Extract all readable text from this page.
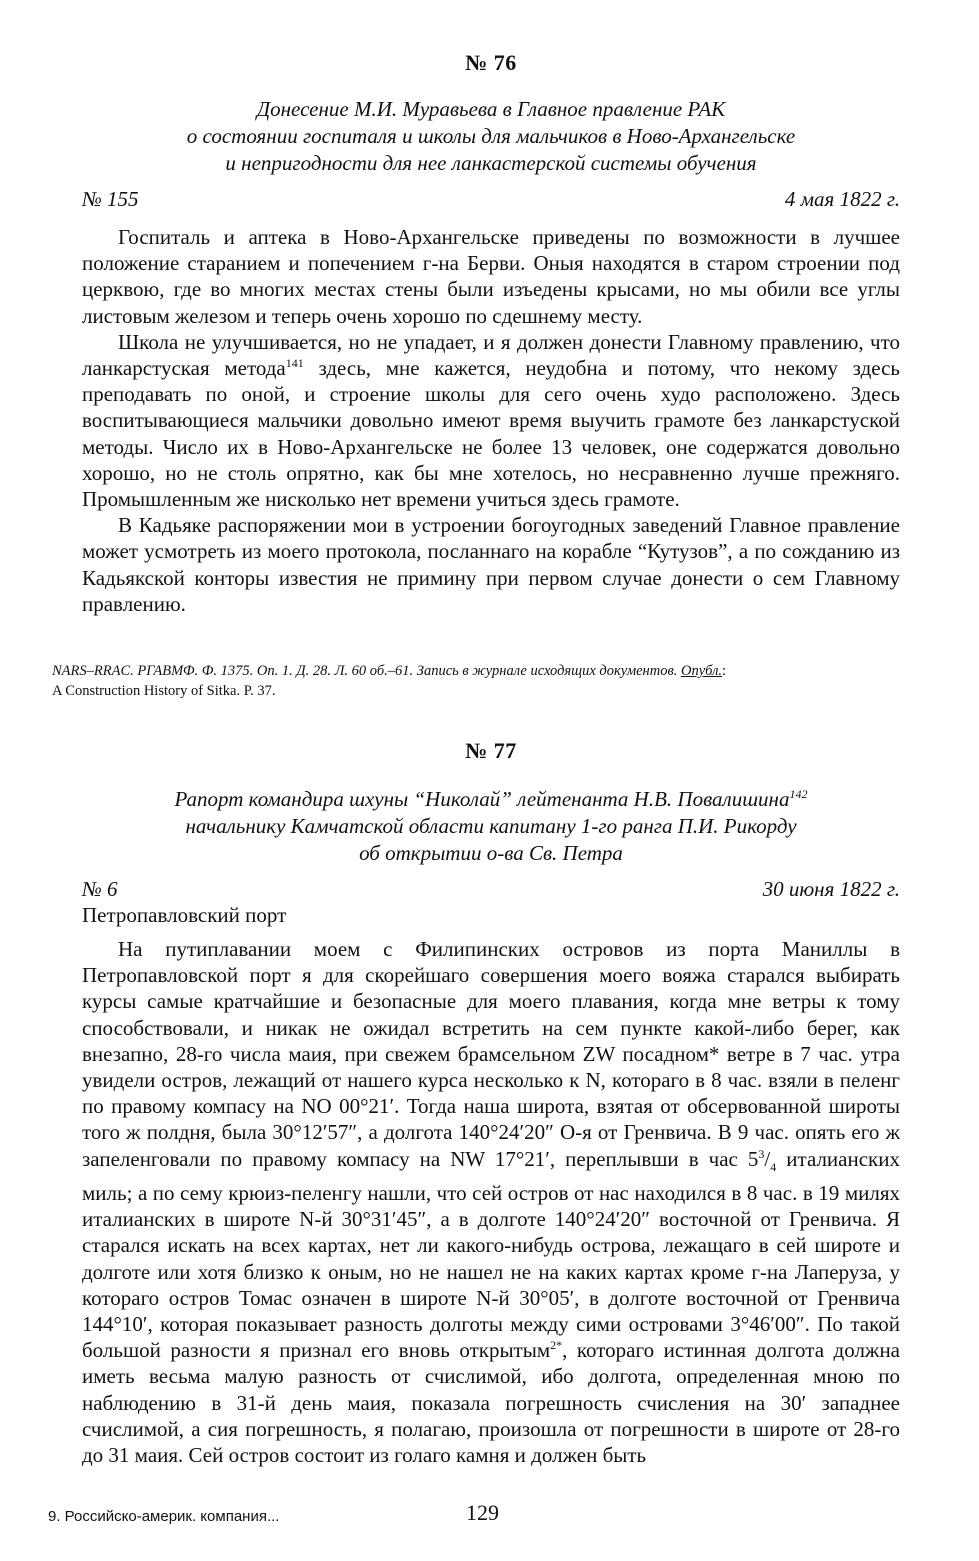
№ 76
Донесение М.И. Муравьева в Главное правление РАК
о состоянии госпиталя и школы для мальчиков в Ново-Архангельске
и непригодности для нее ланкастерской системы обучения
№ 155	4 мая 1822 г.

Госпиталь и аптека в Ново-Архангельске приведены по возможности в лучшее положение старанием и попечением г-на Берви. Оныя находятся в старом строении под церквою, где во многих местах стены были изъедены крысами, но мы обили все углы листовым железом и теперь очень хорошо по сдешнему месту.

Школа не улучшивается, но не упадает, и я должен донести Главному правлению, что ланкарстуская метода$^{141}$ здесь, мне кажется, неудобна и потому, что некому здесь преподавать по оной, и строение школы для сего очень худо расположено. Здесь воспитывающиеся мальчики довольно имеют время выучить грамоте без ланкарстуской методы. Число их в Ново-Архангельске не более 13 человек, оне содержатся довольно хорошо, но не столь опрятно, как бы мне хотелось, но несравненно лучше прежняго. Промышленным же нисколько нет времени учиться здесь грамоте.

В Кадьяке распоряжении мои в устроении богоугодных заведений Главное правление может усмотреть из моего протокола, посланнаго на корабле “Кутузов”, а по сожданию из Кадьякской конторы известия не примину при первом случае донести о сем Главному правлению.

NARS–RRAC. РГАВМФ. Ф. 1375. Оп. 1. Д. 28. Л. 60 об.–61. Запись в журнале исходящих документов. Опубл.:
A Construction History of Sitka. P. 37.
№ 77
Рапорт командира шхуны “Николай” лейтенанта Н.В. Повалишина$^{142}$
начальнику Камчатской области капитану 1-го ранга П.И. Рикорду
об открытии о-ва Св. Петра
№ 6	30 июня 1822 г.
Петропавловский порт

На путиплавании моем с Филипинских островов из порта Маниллы в Петропавловской порт я для скорейшаго совершения моего вояжа старался выбирать курсы самые кратчайшие и безопасные для моего плавания, когда мне ветры к тому способствовали, и никак не ожидал встретить на сем пункте какой-либо берег, как внезапно, 28-го числа маия, при свежем брамсельном ZW посадном* ветре в 7 час. утра увидели остров, лежащий от нашего курса несколько к N, котораго в 8 час. взяли в пеленг по правому компасу на NO 00°21′. Тогда наша широта, взятая от обсервованной широты того ж полдня, была 30°12′57″, а долгота 140°24′20″ О-я от Гренвича. В 9 час. опять его ж запеленговали по правому компасу на NW 17°21′, переплывши в час $5^3/_4$ италианских миль; а по сему крюиз-пеленгу нашли, что сей остров от нас находился в 8 час. в 19 милях италианских в широте N-й 30°31′45″, а в долготе 140°24′20″ восточной от Гренвича. Я старался искать на всех картах, нет ли какого-нибудь острова, лежащаго в сей широте и долготе или хотя близко к оным, но не нашел не на каких картах кроме г-на Лаперуза, у котораго остров Томас означен в широте N-й 30°05′, в долготе восточной от Гренвича 144°10′, которая показывает разность долготы между сими островами 3°46′00″. По такой большой разности я признал его вновь открытым$^{2*}$, котораго истинная долгота должна иметь весьма малую разность от счислимой, ибо долгота, определенная мною по наблюдению в 31-й день маия, показала погрешность счисления на 30′ западнее счислимой, а сия погрешность, я полагаю, произошла от погрешности в широте от 28-го до 31 маия. Сей остров состоит из голаго камня и должен быть

9. Российско-америк. компания...	129
